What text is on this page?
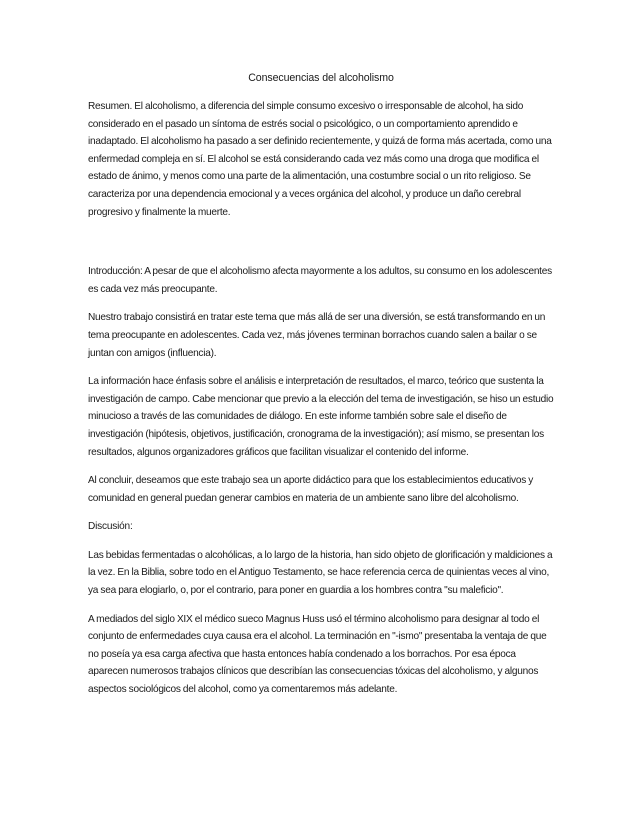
Consecuencias del alcoholismo

Resumen. El alcoholismo, a diferencia del simple consumo excesivo o irresponsable de alcohol, ha sido considerado en el pasado un síntoma de estrés social o psicológico, o un comportamiento aprendido e inadaptado. El alcoholismo ha pasado a ser definido recientemente, y quizá de forma más acertada, como una enfermedad compleja en sí. El alcohol se está considerando cada vez más como una droga que modifica el estado de ánimo, y menos como una parte de la alimentación, una costumbre social o un rito religioso. Se caracteriza por una dependencia emocional y a veces orgánica del alcohol, y produce un daño cerebral progresivo y finalmente la muerte.

Introducción: A pesar de que el alcoholismo afecta mayormente a los adultos, su consumo en los adolescentes es cada vez más preocupante.

Nuestro trabajo consistirá en tratar este tema que más allá de ser una diversión, se está transformando en un tema preocupante en adolescentes. Cada vez, más jóvenes terminan borrachos cuando salen a bailar o se juntan con amigos (influencia).

La información hace énfasis sobre el análisis e interpretación de resultados, el marco, teórico que sustenta la investigación de campo. Cabe mencionar que previo a la elección del tema de investigación, se hiso un estudio minucioso a través de las comunidades de diálogo. En este informe también sobre sale el diseño de investigación (hipótesis, objetivos, justificación, cronograma de la investigación); así mismo, se presentan los resultados, algunos organizadores gráficos que facilitan visualizar el contenido del informe.

Al concluir, deseamos que este trabajo sea un aporte didáctico para que los establecimientos educativos y comunidad en general puedan generar cambios en materia de un ambiente sano libre del alcoholismo.

Discusión:

Las bebidas fermentadas o alcohólicas, a lo largo de la historia, han sido objeto de glorificación y maldiciones a la vez. En la Biblia, sobre todo en el Antiguo Testamento, se hace referencia cerca de quinientas veces al vino, ya sea para elogiarlo, o, por el contrario, para poner en guardia a los hombres contra "su maleficio".

A mediados del siglo XIX el médico sueco Magnus Huss usó el término alcoholismo para designar al todo el conjunto de enfermedades cuya causa era el alcohol. La terminación en "-ismo" presentaba la ventaja de que no poseía ya esa carga afectiva que hasta entonces había condenado a los borrachos. Por esa época aparecen numerosos trabajos clínicos que describían las consecuencias tóxicas del alcoholismo, y algunos aspectos sociológicos del alcohol, como ya comentaremos más adelante.
